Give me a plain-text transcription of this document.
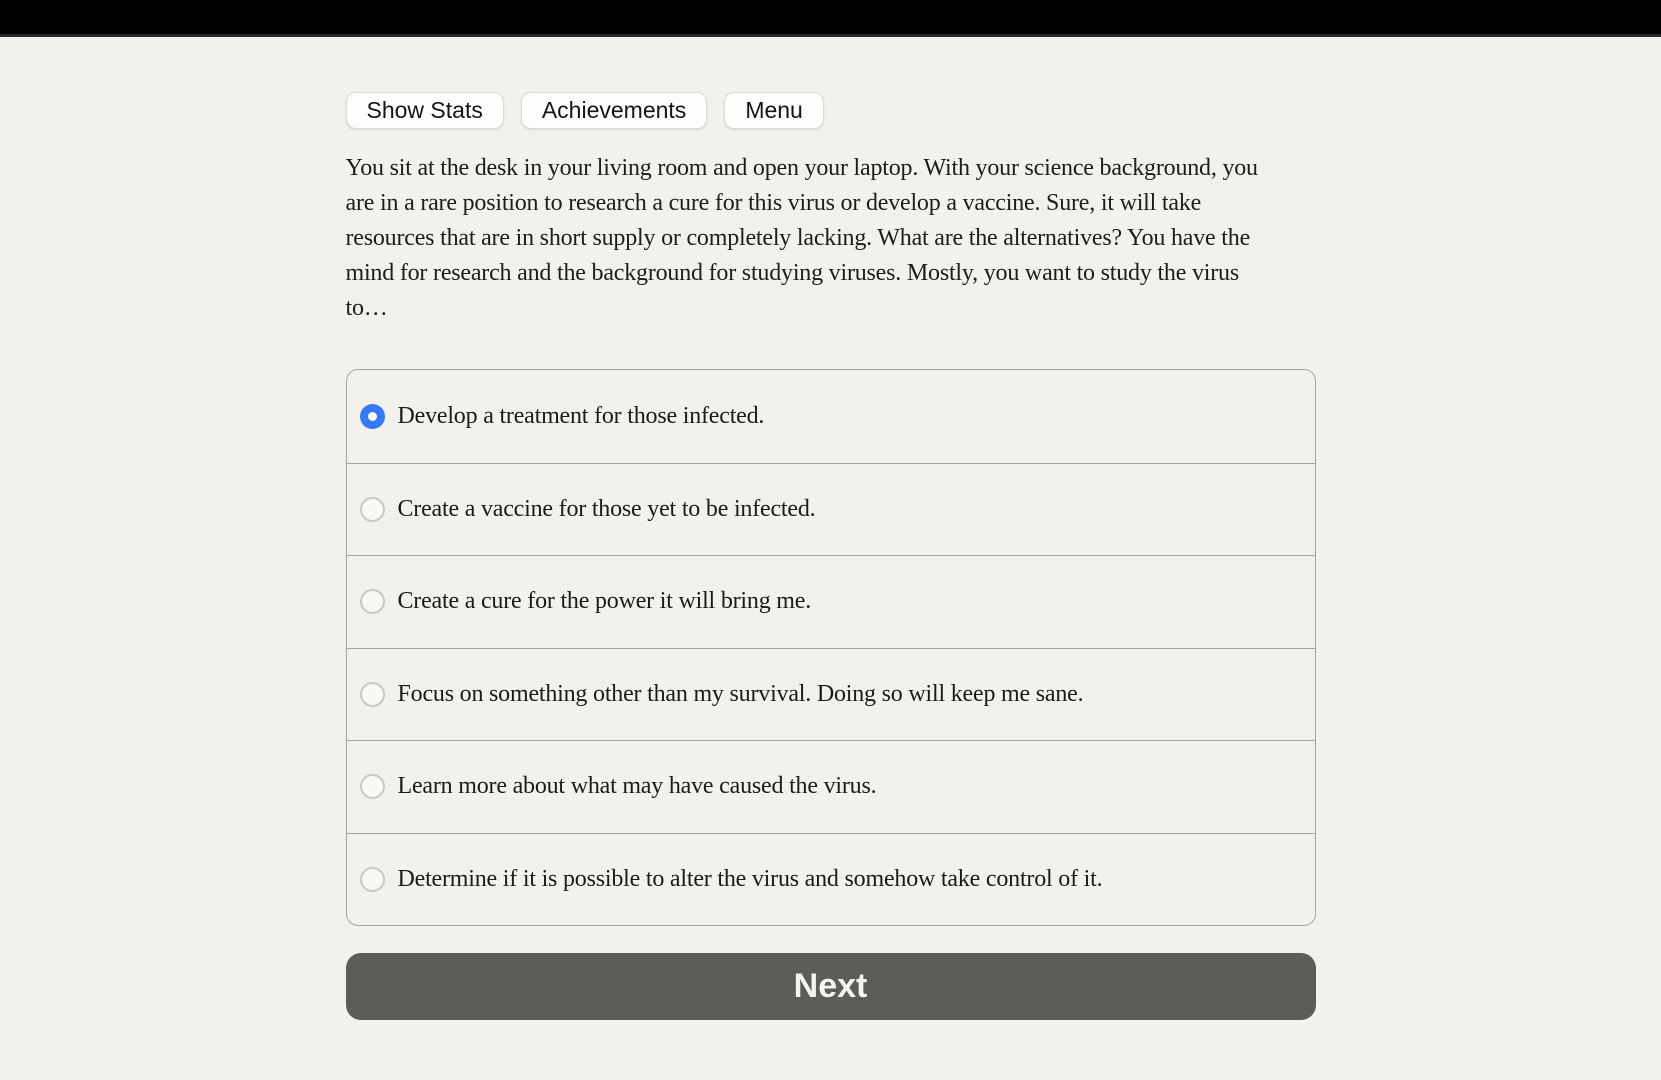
Show Stats	Achievements	Menu
You sit at the desk in your living room and open your laptop. With your science background, you are in a rare position to research a cure for this virus or develop a vaccine. Sure, it will take resources that are in short supply or completely lacking. What are the alternatives? You have the mind for research and the background for studying viruses. Mostly, you want to study the virus to…
Develop a treatment for those infected.
Create a vaccine for those yet to be infected.
Create a cure for the power it will bring me.
Focus on something other than my survival. Doing so will keep me sane.
Learn more about what may have caused the virus.
Determine if it is possible to alter the virus and somehow take control of it.
Next
